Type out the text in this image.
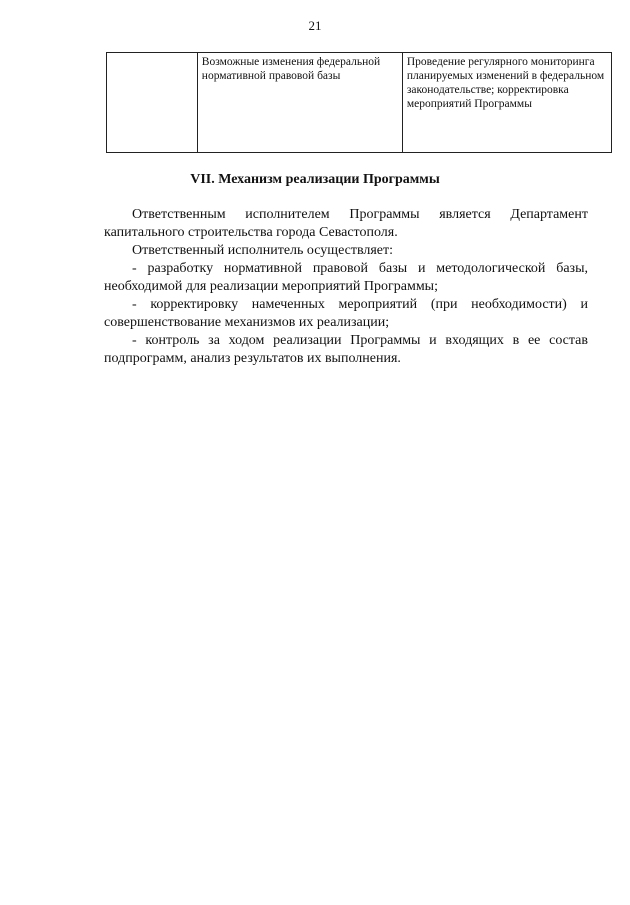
21
	Возможные изменения федеральной нормативной правовой базы	Проведение регулярного мониторинга планируемых изменений в федеральном законодательстве; корректировка мероприятий Программы
VII. Механизм реализации Программы

Ответственным исполнителем Программы является Департамент капитального строительства города Севастополя.

Ответственный исполнитель осуществляет:

- разработку нормативной правовой базы и методологической базы, необходимой для реализации мероприятий Программы;

- корректировку намеченных мероприятий (при необходимости) и совершенствование механизмов их реализации;

- контроль за ходом реализации Программы и входящих в ее состав подпрограмм, анализ результатов их выполнения.
